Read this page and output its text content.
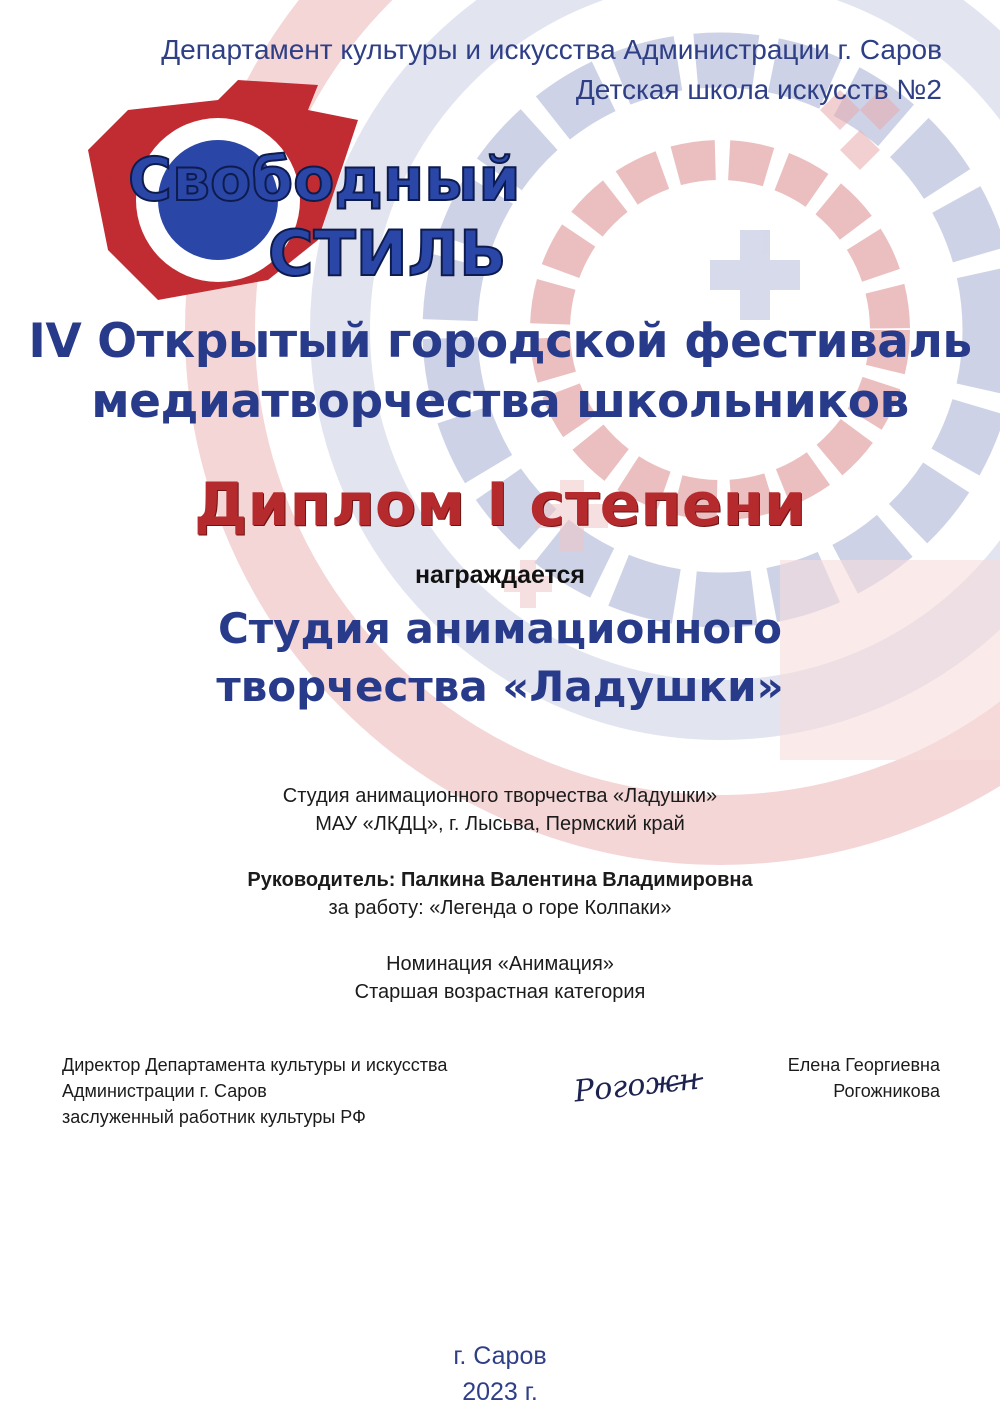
Департамент культуры и искусства Администрации г. Саров
Детская школа искусств №2
Свободный
СТИЛЬ
IV Открытый городской фестиваль
медиатворчества школьников
Диплом I степени
награждается
Студия анимационного
творчества «Ладушки»

Студия анимационного творчества «Ладушки»
МАУ «ЛКДЦ», г. Лысьва, Пермский край

Руководитель: Палкина Валентина Владимировна
за работу: «Легенда о горе Колпаки»

Номинация «Анимация»
Старшая возрастная категория

Директор Департамента культуры и искусства
Администрации г. Саров
заслуженный работник культуры РФ
Рогожн	Елена Георгиевна
Рогожникова
г. Саров
2023 г.
